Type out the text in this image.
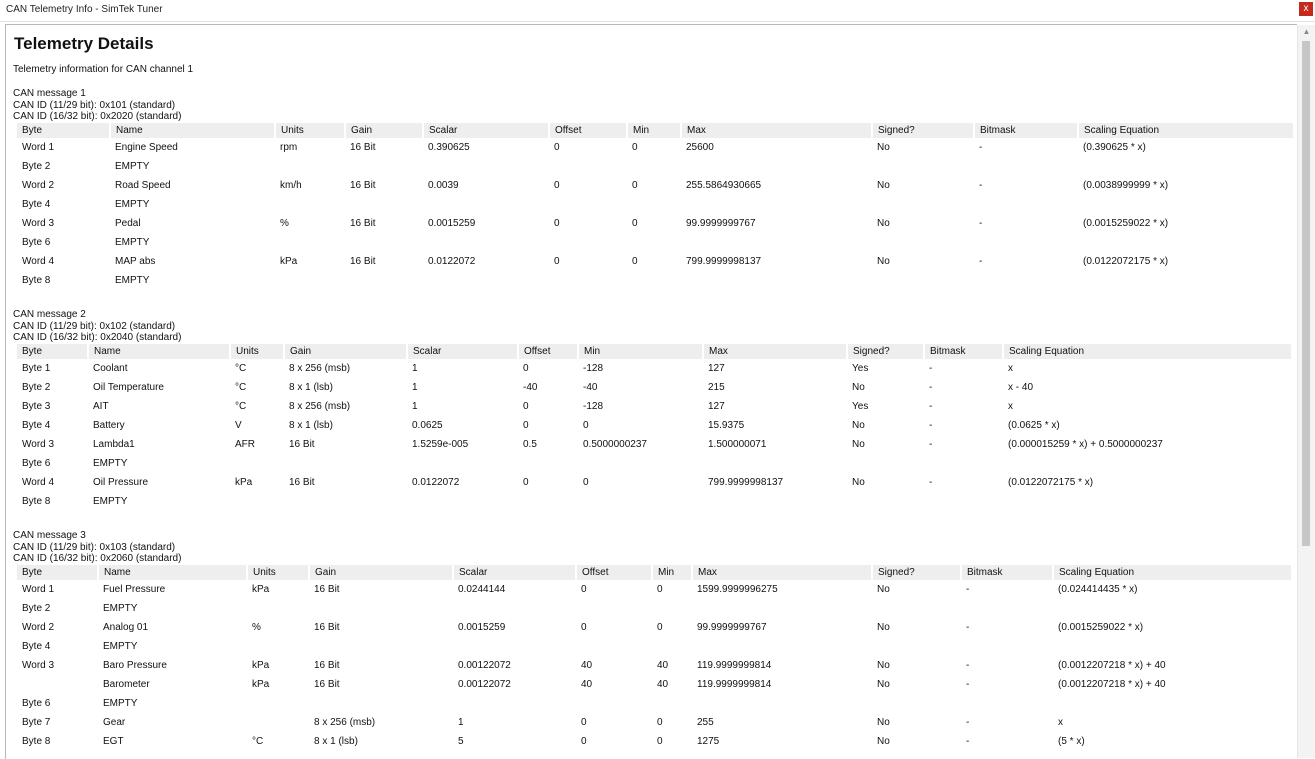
CAN Telemetry Info - SimTek Tuner	x
Telemetry Details
Telemetry information for CAN channel 1
CAN message 1
CAN ID (11/29 bit): 0x101 (standard)
CAN ID (16/32 bit): 0x2020 (standard)
Byte	Name	Units	Gain	Scalar	Offset	Min	Max	Signed?	Bitmask	Scaling Equation
Word 1	Engine Speed	rpm	16 Bit	0.390625	0	0	25600	No	-	(0.390625 * x)
Byte 2	EMPTY									
Word 2	Road Speed	km/h	16 Bit	0.0039	0	0	255.5864930665	No	-	(0.0038999999 * x)
Byte 4	EMPTY									
Word 3	Pedal	%	16 Bit	0.0015259	0	0	99.9999999767	No	-	(0.0015259022 * x)
Byte 6	EMPTY									
Word 4	MAP abs	kPa	16 Bit	0.0122072	0	0	799.9999998137	No	-	(0.0122072175 * x)
Byte 8	EMPTY									
CAN message 2
CAN ID (11/29 bit): 0x102 (standard)
CAN ID (16/32 bit): 0x2040 (standard)
Byte	Name	Units	Gain	Scalar	Offset	Min	Max	Signed?	Bitmask	Scaling Equation
Byte 1	Coolant	°C	8 x 256 (msb)	1	0	-128	127	Yes	-	x
Byte 2	Oil Temperature	°C	8 x 1 (lsb)	1	-40	-40	215	No	-	x - 40
Byte 3	AIT	°C	8 x 256 (msb)	1	0	-128	127	Yes	-	x
Byte 4	Battery	V	8 x 1 (lsb)	0.0625	0	0	15.9375	No	-	(0.0625 * x)
Word 3	Lambda1	AFR	16 Bit	1.5259e-005	0.5	0.5000000237	1.500000071	No	-	(0.000015259 * x) + 0.5000000237
Byte 6	EMPTY									
Word 4	Oil Pressure	kPa	16 Bit	0.0122072	0	0	799.9999998137	No	-	(0.0122072175 * x)
Byte 8	EMPTY									
CAN message 3
CAN ID (11/29 bit): 0x103 (standard)
CAN ID (16/32 bit): 0x2060 (standard)
Byte	Name	Units	Gain	Scalar	Offset	Min	Max	Signed?	Bitmask	Scaling Equation
Word 1	Fuel Pressure	kPa	16 Bit	0.0244144	0	0	1599.9999996275	No	-	(0.024414435 * x)
Byte 2	EMPTY									
Word 2	Analog 01	%	16 Bit	0.0015259	0	0	99.9999999767	No	-	(0.0015259022 * x)
Byte 4	EMPTY									
Word 3	Baro Pressure	kPa	16 Bit	0.00122072	40	40	119.9999999814	No	-	(0.0012207218 * x) + 40
	Barometer	kPa	16 Bit	0.00122072	40	40	119.9999999814	No	-	(0.0012207218 * x) + 40
Byte 6	EMPTY									
Byte 7	Gear		8 x 256 (msb)	1	0	0	255	No	-	x
Byte 8	EGT	°C	8 x 1 (lsb)	5	0	0	1275	No	-	(5 * x)
▲
